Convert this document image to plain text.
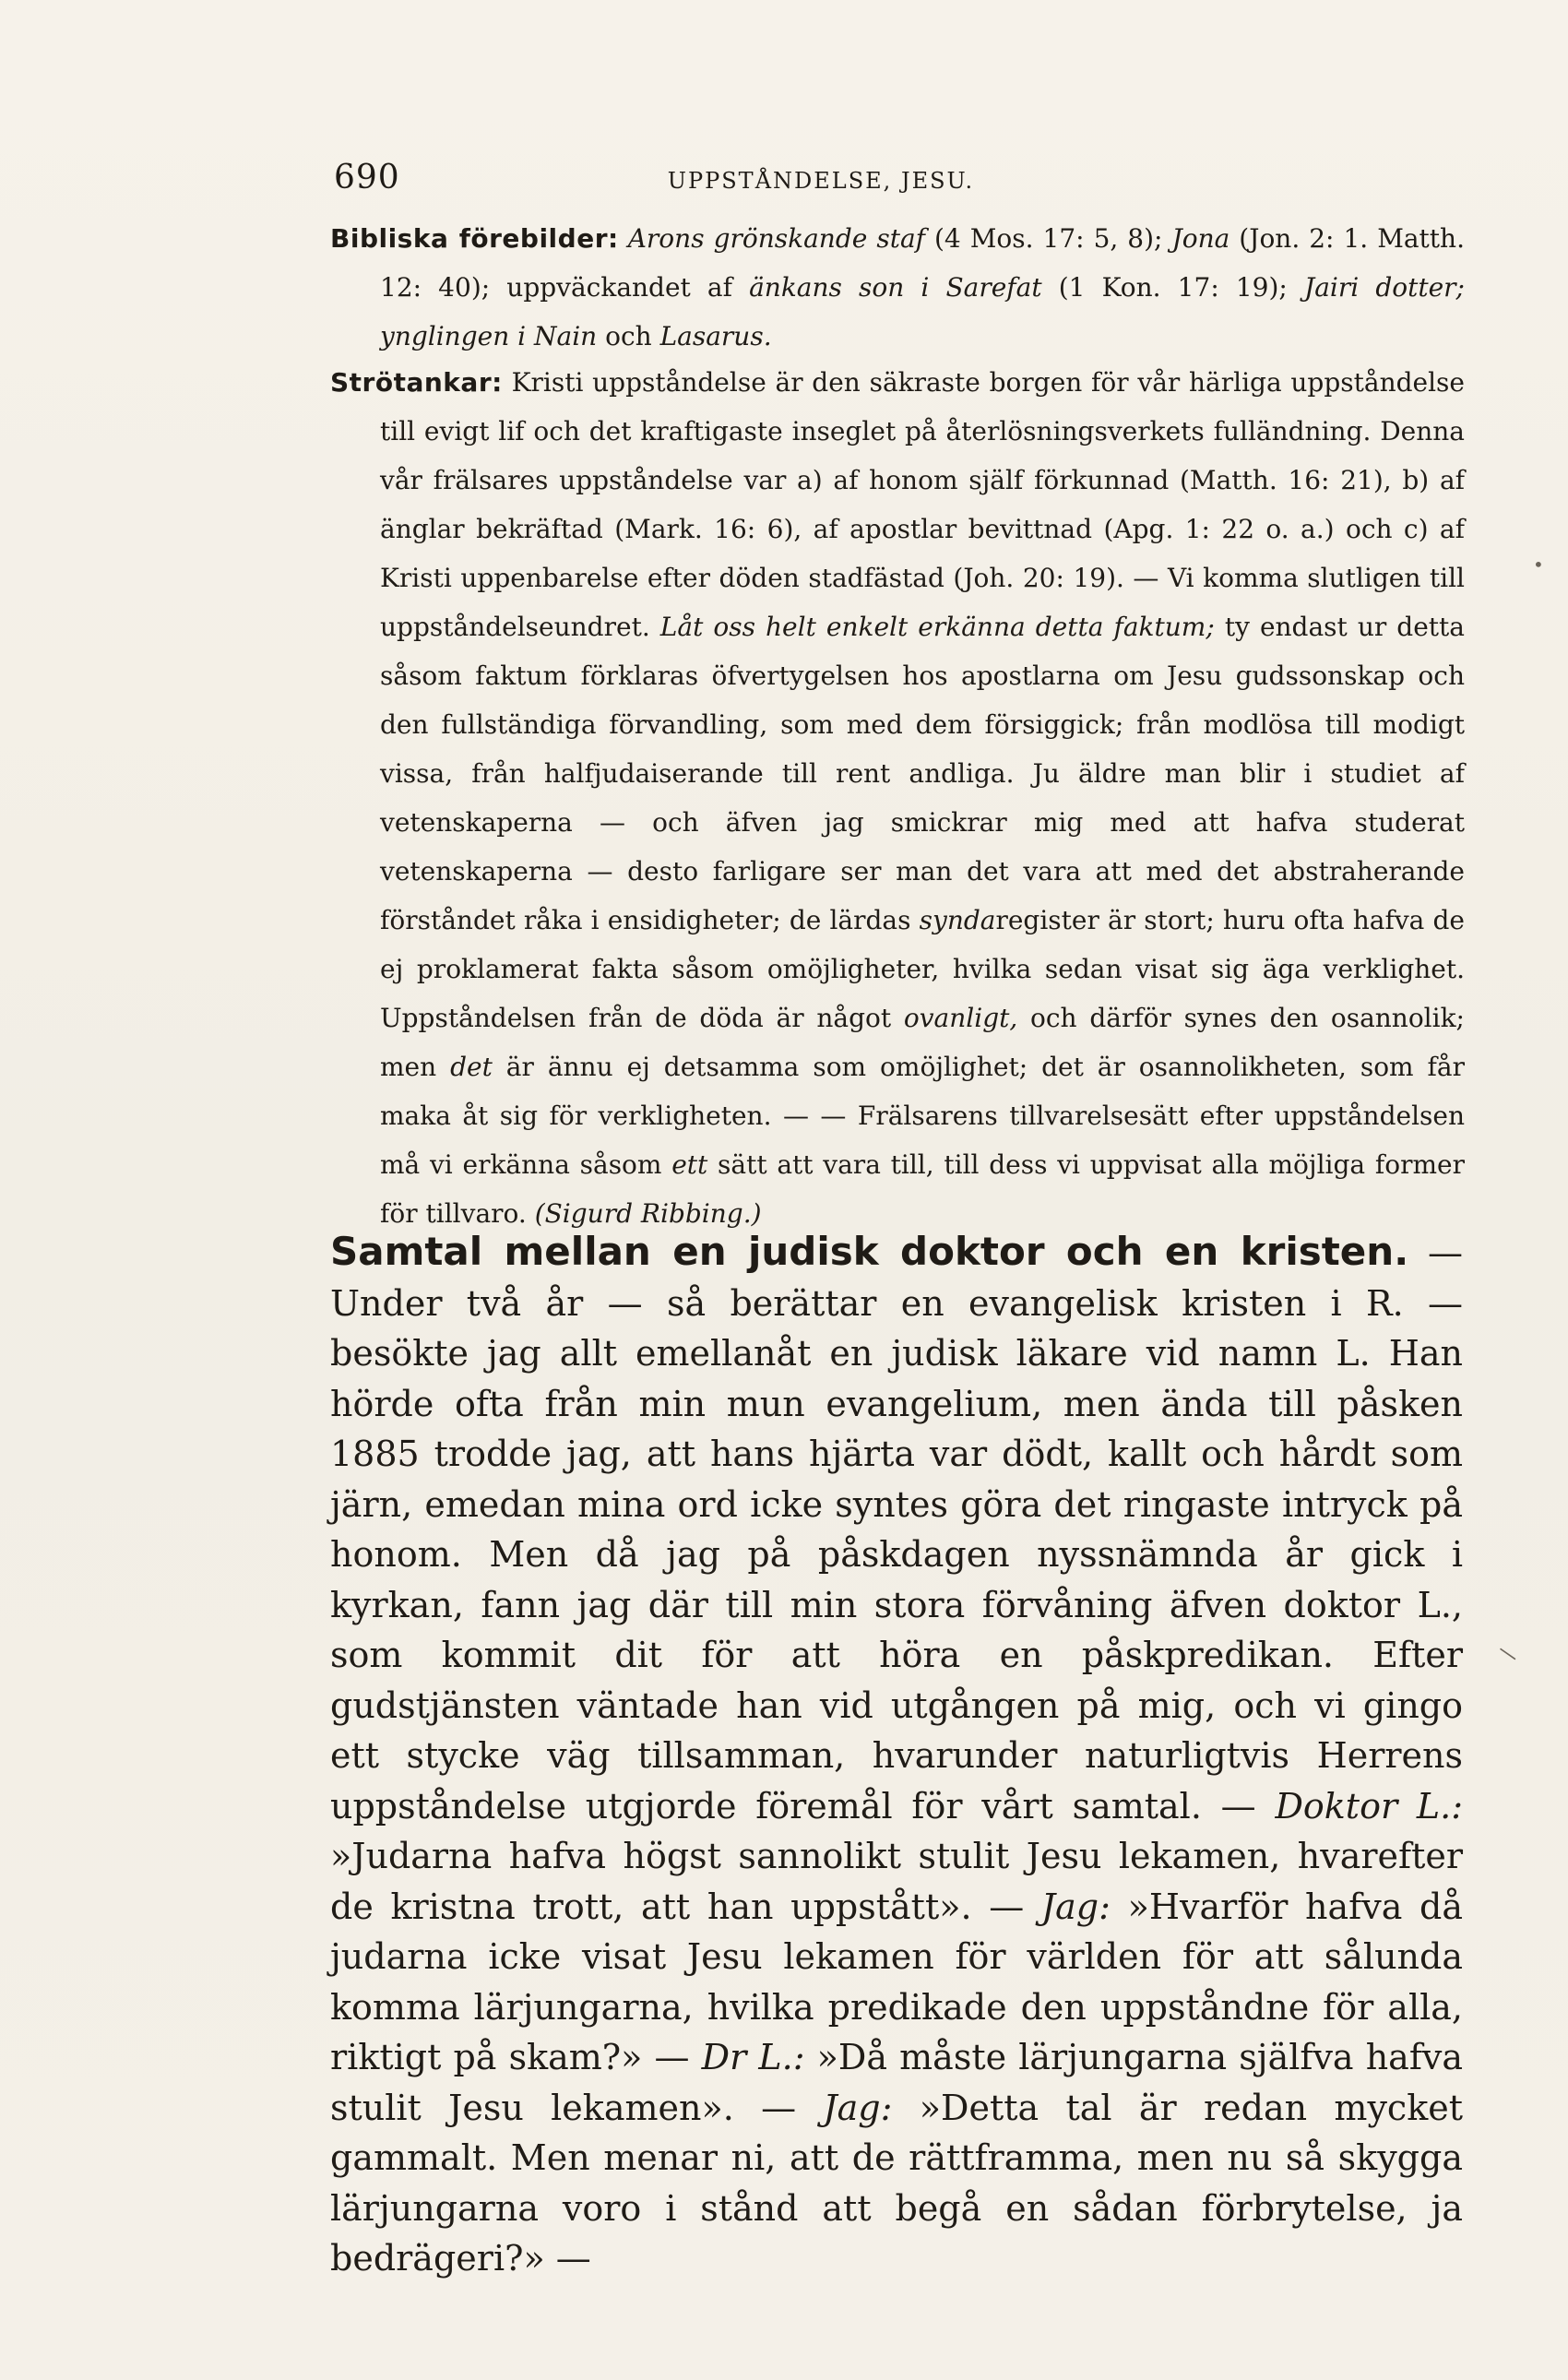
690	UPPSTÅNDELSE, JESU.

Bibliska förebilder: Arons grönskande staf (4 Mos. 17: 5, 8); Jona (Jon. 2: 1. Matth. 12: 40); uppväckandet af änkans son i Sarefat (1 Kon. 17: 19); Jairi dotter; ynglingen i Nain och Lasarus.

Strötankar: Kristi uppståndelse är den säkraste borgen för vår härliga uppståndelse till evigt lif och det kraftigaste inseglet på återlösningsverkets fulländning. Denna vår frälsares uppståndelse var a) af honom själf förkunnad (Matth. 16: 21), b) af änglar bekräftad (Mark. 16: 6), af apostlar bevittnad (Apg. 1: 22 o. a.) och c) af Kristi uppenbarelse efter döden stadfästad (Joh. 20: 19). — Vi komma slutligen till uppståndelseundret. Låt oss helt enkelt erkänna detta faktum; ty endast ur detta såsom faktum förklaras öfvertygelsen hos apostlarna om Jesu gudssonskap och den fullständiga förvandling, som med dem försiggick; från modlösa till modigt vissa, från halfjudaiserande till rent andliga. Ju äldre man blir i studiet af vetenskaperna — och äfven jag smickrar mig med att hafva studerat vetenskaperna — desto farligare ser man det vara att med det abstraherande förståndet råka i ensidigheter; de lärdas syndaregister är stort; huru ofta hafva de ej proklamerat fakta såsom omöjligheter, hvilka sedan visat sig äga verklighet. Uppståndelsen från de döda är något ovanligt, och därför synes den osannolik; men det är ännu ej detsamma som omöjlighet; det är osannolikheten, som får maka åt sig för verkligheten. — — Frälsarens tillvarelsesätt efter uppståndelsen må vi erkänna såsom ett sätt att vara till, till dess vi uppvisat alla möjliga former för tillvaro. (Sigurd Ribbing.)

Samtal mellan en judisk doktor och en kristen. — Under två år — så berättar en evangelisk kristen i R. — besökte jag allt emellanåt en judisk läkare vid namn L. Han hörde ofta från min mun evangelium, men ända till påsken 1885 trodde jag, att hans hjärta var dödt, kallt och hårdt som järn, emedan mina ord icke syntes göra det ringaste intryck på honom. Men då jag på påskdagen nyssnämnda år gick i kyrkan, fann jag där till min stora förvåning äfven doktor L., som kommit dit för att höra en påskpredikan. Efter gudstjänsten väntade han vid utgången på mig, och vi gingo ett stycke väg tillsamman, hvarunder naturligtvis Herrens uppståndelse utgjorde föremål för vårt samtal. — Doktor L.: »Judarna hafva högst sannolikt stulit Jesu lekamen, hvarefter de kristna trott, att han uppstått». — Jag: »Hvarför hafva då judarna icke visat Jesu lekamen för världen för att sålunda komma lärjungarna, hvilka predikade den uppståndne för alla, riktigt på skam?» — Dr L.: »Då måste lärjungarna själfva hafva stulit Jesu lekamen». — Jag: »Detta tal är redan mycket gammalt. Men menar ni, att de rättframma, men nu så skygga lärjungarna voro i stånd att begå en sådan förbrytelse, ja bedrägeri?» —

•
|
